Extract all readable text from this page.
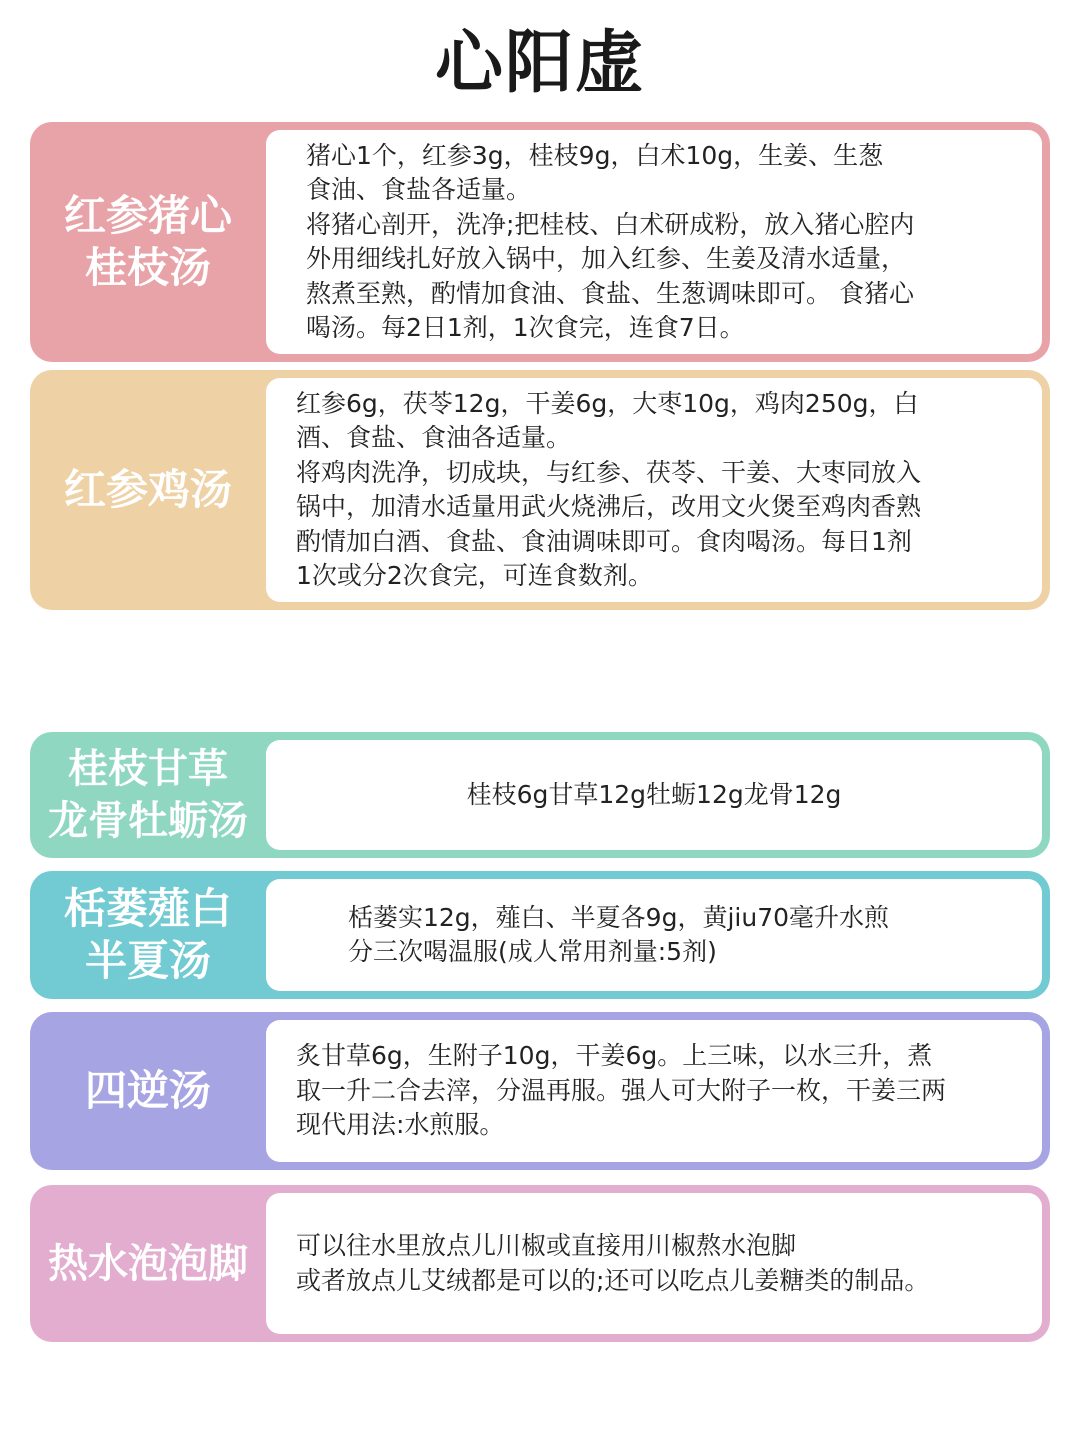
心阳虚
红参猪心
桂枝汤
猪心1个，红参3g，桂枝9g，白术10g，生姜、生葱
食油、食盐各适量。
将猪心剖开，洗净;把桂枝、白术研成粉，放入猪心腔内
外用细线扎好放入锅中，加入红参、生姜及清水适量，
熬煮至熟，酌情加食油、食盐、生葱调味即可。 食猪心
喝汤。每2日1剂，1次食完，连食7日。
红参鸡汤
红参6g，茯苓12g，干姜6g，大枣10g，鸡肉250g，白
酒、食盐、食油各适量。
将鸡肉洗净，切成块，与红参、茯苓、干姜、大枣同放入
锅中，加清水适量用武火烧沸后，改用文火煲至鸡肉香熟
酌情加白酒、食盐、食油调味即可。食肉喝汤。每日1剂
1次或分2次食完，可连食数剂。
桂枝甘草
龙骨牡蛎汤
桂枝6g甘草12g牡蛎12g龙骨12g
栝蒌薤白
半夏汤
栝蒌实12g，薤白、半夏各9g，黄jiu70毫升水煎
分三次喝温服(成人常用剂量:5剂)
四逆汤
炙甘草6g，生附子10g，干姜6g。上三味，以水三升，煮
取一升二合去滓，分温再服。强人可大附子一枚，干姜三两
现代用法:水煎服。
热水泡泡脚	可以往水里放点儿川椒或直接用川椒熬水泡脚
或者放点儿艾绒都是可以的;还可以吃点儿姜糖类的制品。
